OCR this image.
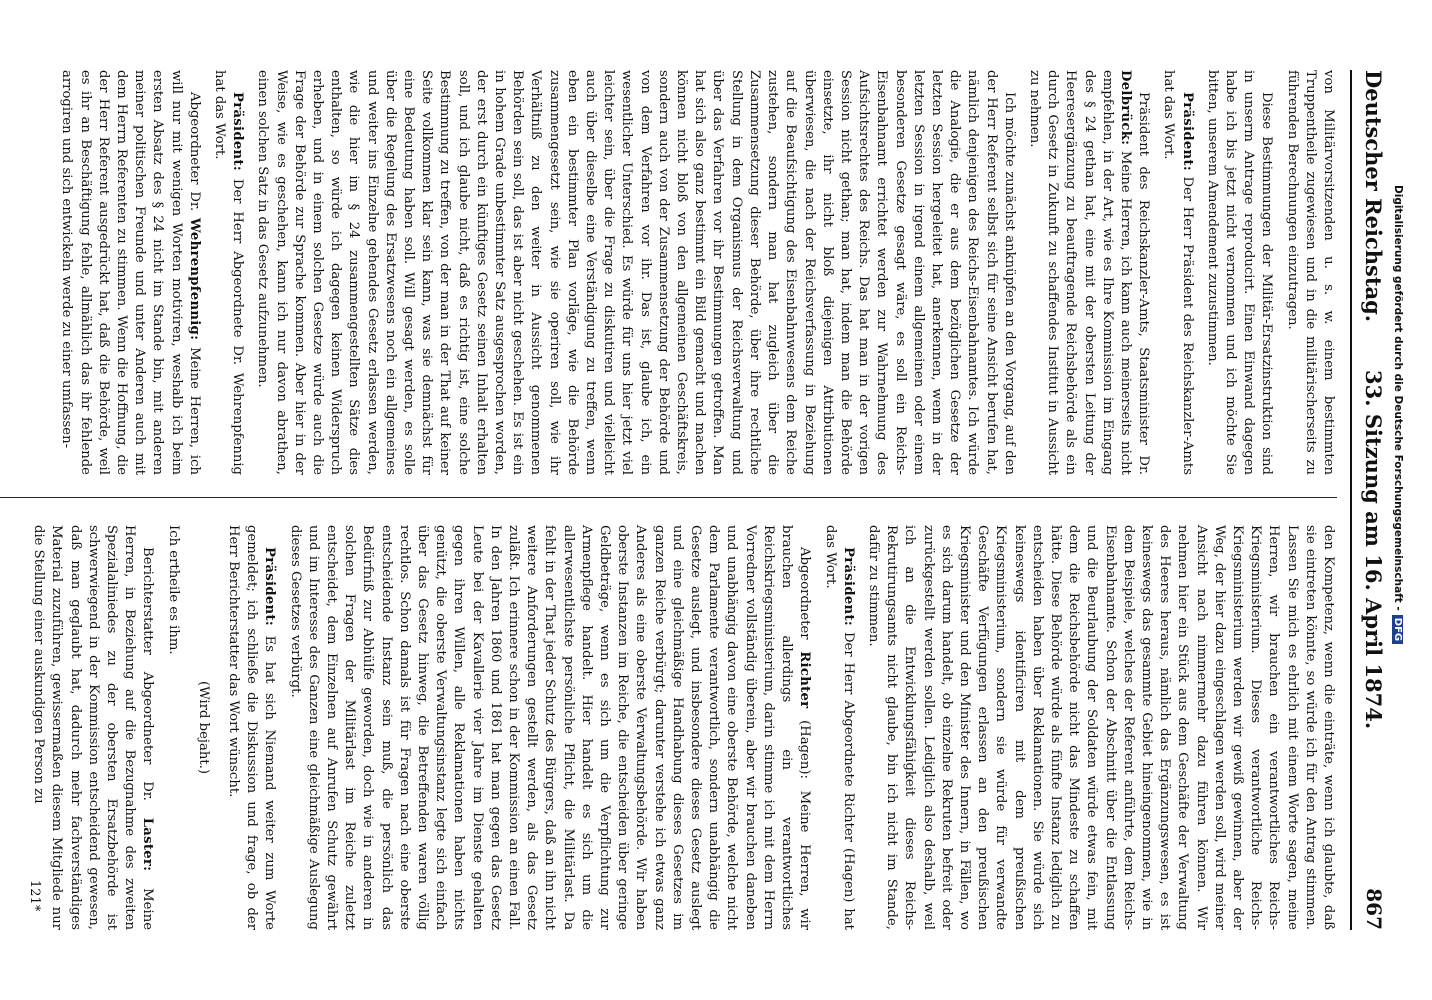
Deutscher Reichstag.
33. Sitzung am 16. April 1874.
867

von Militärvorsitzenden u. s. w. einem bestimmten Truppentheile zugewiesen und in die militärischerseits zu führenden Berechnungen einzutragen.

Diese Bestimmungen der Militär-Ersatzinstruktion sind in unserm Antrage reproducirt. Einen Einwand dagegen habe ich bis jetzt nicht vernommen und ich möchte Sie bitten, unserem Amendement zuzustimmen.

Präsident: Der Herr Präsident des Reichskanzler-Amts hat das Wort.

Präsident des Reichskanzler-Amts, Staatsminister Dr. Delbrück: Meine Herren, ich kann auch meinerseits nicht empfehlen, in der Art, wie es Ihre Kommission im Eingang des § 24 gethan hat, eine mit der obersten Leitung der Heeresergänzung zu beauftragende Reichsbehörde als ein durch Gesetz in Zukunft zu schaffendes Institut in Aussicht zu nehmen.

Ich möchte zunächst anknüpfen an den Vorgang, auf den der Herr Referent selbst sich für seine Ansicht berufen hat, nämlich denjenigen des Reichs-Eisenbahnamtes. Ich würde die Analogie, die er aus dem bezüglichen Gesetze der letzten Session hergeleitet hat, anerkennen, wenn in der letzten Session in irgend einem allgemeinen oder einem besonderen Gesetze gesagt wäre, es soll ein Reichs-Eisenbahnamt errichtet werden zur Wahrnehmung des Aufsichtsrechtes des Reichs. Das hat man in der vorigen Session nicht gethan; man hat, indem man die Behörde einsetzte, ihr nicht bloß diejenigen Attributionen überwiesen, die nach der Reichsverfassung in Beziehung auf die Beaufsichtigung des Eisenbahnwesens dem Reiche zustehen, sondern man hat zugleich über die Zusammensetzung dieser Behörde, über ihre rechtliche Stellung in dem Organismus der Reichsverwaltung und über das Verfahren vor ihr Bestimmungen getroffen. Man hat sich also ganz bestimmt ein Bild gemacht und machen können nicht bloß von den allgemeinen Geschäftskreis, sondern auch von der Zusammensetzung der Behörde und von dem Verfahren vor ihr. Das ist, glaube ich, ein wesentlicher Unterschied. Es würde für uns hier jetzt viel leichter sein, über die Frage zu diskutiren und vielleicht auch über dieselbe eine Verständigung zu treffen, wenn eben ein bestimmter Plan vorläge, wie die Behörde zusammengesetzt sein, wie sie operiren soll, wie ihr Verhältniß zu den weiter in Aussicht genommenen Behörden sein soll, das ist aber nicht geschehen. Es ist ein in hohem Grade unbestimmter Satz ausgesprochen worden, der erst durch ein künftiges Gesetz seinen Inhalt erhalten soll, und ich glaube nicht, daß es richtig ist, eine solche Bestimmung zu treffen, von der man in der That auf keiner Seite vollkommen klar sein kann, was sie demnächst für eine Bedeutung haben soll. Will gesagt werden, es solle über die Regelung des Ersatzwesens noch ein allgemeines und weiter ins Einzelne gehendes Gesetz erlassen werden, wie die hier im § 24 zusammengestellten Sätze dies enthalten, so würde ich dagegen keinen Widerspruch erheben, und in einem solchen Gesetze würde auch die Frage der Behörde zur Sprache kommen. Aber hier in der Weise, wie es geschehen, kann ich nur davon abrathen, einen solchen Satz in das Gesetz aufzunehmen.

Präsident: Der Herr Abgeordnete Dr. Wehrenpfennig hat das Wort.

Abgeordneter Dr. Wehrenpfennig: Meine Herren, ich will nur mit wenigen Worten motiviren, weshalb ich beim ersten Absatz des § 24 nicht im Stande bin, mit anderen meiner politischen Freunde und unter Anderen auch mit dem Herrn Referenten zu stimmen. Wenn die Hoffnung, die der Herr Referent ausgedrückt hat, daß die Behörde, weil es ihr an Beschäftigung fehle, allmählich das ihr fehlende arrogiren und sich entwickeln werde zu einer umfassen-

den Kompetenz, wenn die einträte, wenn ich glaubte, daß sie eintreten könnte, so würde ich für den Antrag stimmen. Lassen Sie mich es ehrlich mit einem Worte sagen, meine Herren, wir brauchen ein verantwortliches Reichs-Kriegsministerium. Dieses verantwortliche Reichs-Kriegsministerium werden wir gewiß gewinnen, aber der Weg, der hier dazu eingeschlagen werden soll, wird meiner Ansicht nach nimmermehr dazu führen können. Wir nehmen hier ein Stück aus dem Geschäfte der Verwaltung des Heeres heraus, nämlich das Ergänzungswesen, es ist keineswegs das gesammte Gebiet hineingenommen, wie in dem Beispiele, welches der Referent anführte, dem Reichs-Eisenbahnamte. Schon der Abschnitt über die Entlassung und die Beurlaubung der Soldaten würde etwas fein, mit dem die Reichsbehörde nicht das Mindeste zu schaffen hätte. Diese Behörde würde als fünfte Instanz lediglich zu entscheiden haben über Reklamationen. Sie würde sich keineswegs identificiren mit dem preußischen Kriegsministerium, sondern sie würde für verwandte Geschäfte Verfügungen erlassen an den preußischen Kriegsminister und den Minister des Innern, in Fällen, wo es sich darum handelt, ob einzelne Rekruten befreit oder zurückgestellt werden sollen. Lediglich also deshalb, weil ich an die Entwicklungsfähigkeit dieses Reichs-Rekrutirungsamts nicht glaube, bin ich nicht im Stande, dafür zu stimmen.

Präsident: Der Herr Abgeordnete Richter (Hagen) hat das Wort.

Abgeordneter Richter (Hagen): Meine Herren, wir brauchen allerdings ein verantwortliches Reichskriegsministerium, darin stimme ich mit dem Herrn Vorredner vollständig überein, aber wir brauchen daneben und unabhängig davon eine oberste Behörde, welche nicht dem Parlamente verantwortlich, sondern unabhängig die Gesetze auslegt, und insbesondere dieses Gesetz auslegt und eine gleichmäßige Handhabung dieses Gesetzes im ganzen Reiche verbürgt; darunter verstehe ich etwas ganz Anderes als eine oberste Verwaltungsbehörde. Wir haben oberste Instanzen im Reiche, die entscheiden über geringe Geldbeträge, wenn es sich um die Verpflichtung zur Armenpflege handelt. Hier handelt es sich um die allerwesentlichste persönliche Pflicht, die Militärlast. Da fehlt in der That jeder Schutz des Bürgers, daß an ihn nicht weitere Anforderungen gestellt werden, als das Gesetz zuläßt. Ich erinnere schon in der Kommission an einen Fall. In den Jahren 1860 und 1861 hat man gegen das Gesetz Leute bei der Kavallerie vier Jahre im Dienste gehalten gegen ihren Willen, alle Reklamationen haben nichts genützt, die oberste Verwaltungsinstanz legte sich einfach über das Gesetz hinweg, die Betreffenden waren völlig rechtlos. Schon damals ist für Fragen nach eine oberste entscheidende Instanz sein muß, die persönlich das Bedürfniß zur Abhülfe geworden, doch wie in anderen in solchen Fragen der Militärlast im Reiche zuletzt entscheidet, dem Einzelnen auf Anrufen Schutz gewährt und im Interesse des Ganzen eine gleichmäßige Auslegung dieses Gesetzes verbürgt.

Präsident: Es hat sich Niemand weiter zum Worte gemeldet; ich schließe die Diskussion und frage, ob der Herr Berichterstatter das Wort wünscht.

(Wird bejaht.)

Ich ertheile es ihm.

Berichterstatter Abgeordneter Dr. Laster: Meine Herren, in Beziehung auf die Bezugnahme des zweiten Spezialaliniedes zu der obersten Ersatzbehörde ist schwerwiegend in der Kommission entscheidend gewesen, daß man geglaubt hat, dadurch mehr fachverständiges Material zuzuführen, gewissermaßen diesem Mitgliede nur die Stellung einer auskundigen Person zu

121*
Digitalisierung gefördert durch die Deutsche Forschungsgemeinschaft -DFG
